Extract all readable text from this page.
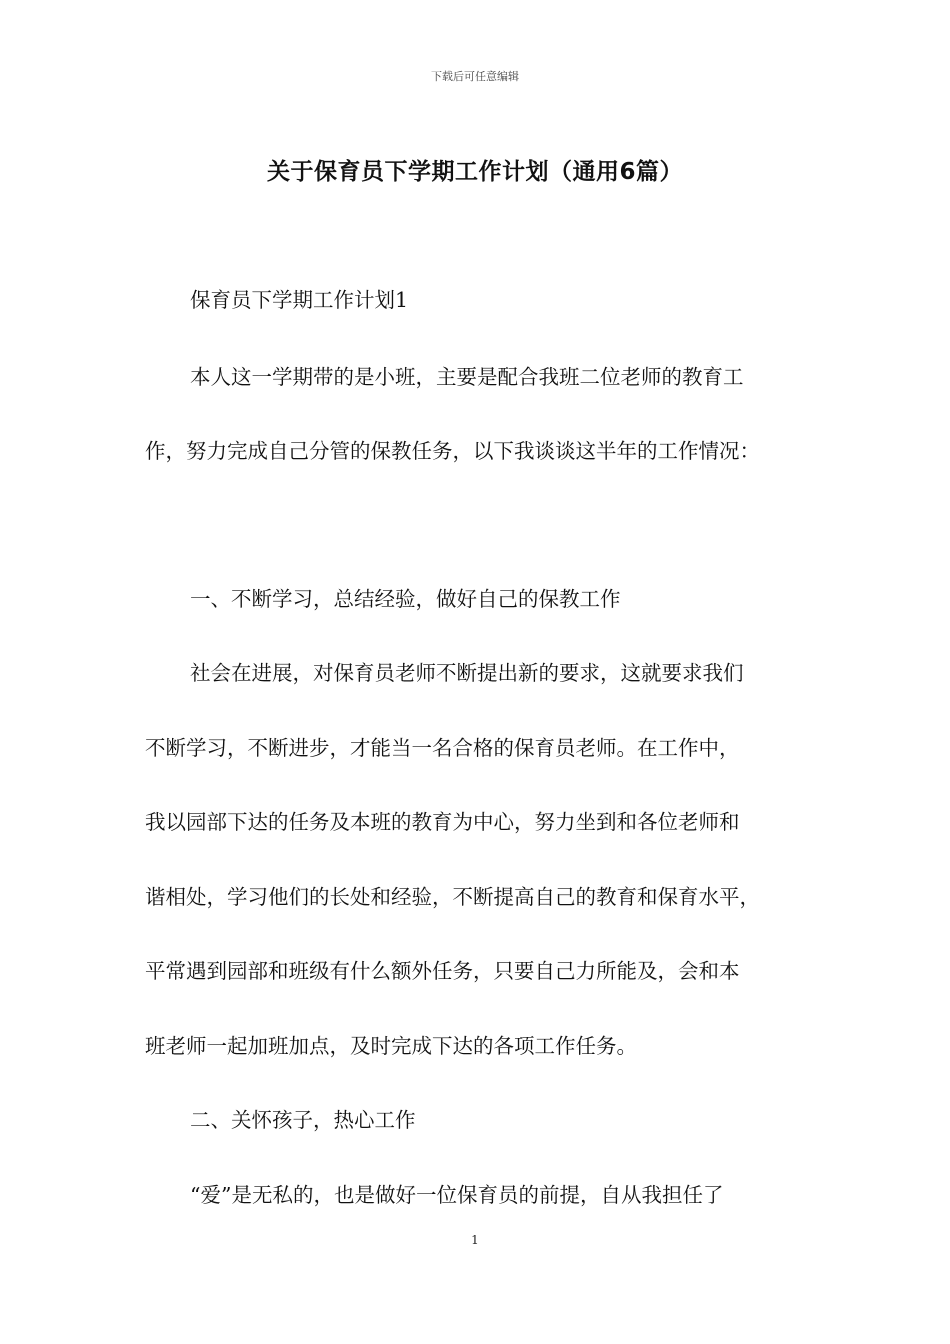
下载后可任意编辑
关于保育员下学期工作计划（通用6篇）
保育员下学期工作计划1
本人这一学期带的是小班，主要是配合我班二位老师的教育工
作，努力完成自己分管的保教任务，以下我谈谈这半年的工作情况：
一、不断学习，总结经验，做好自己的保教工作
社会在进展，对保育员老师不断提出新的要求，这就要求我们
不断学习，不断进步，才能当一名合格的保育员老师。在工作中，
我以园部下达的任务及本班的教育为中心，努力坐到和各位老师和
谐相处，学习他们的长处和经验，不断提高自己的教育和保育水平，
平常遇到园部和班级有什么额外任务，只要自己力所能及，会和本
班老师一起加班加点，及时完成下达的各项工作任务。
二、关怀孩子，热心工作
“爱”是无私的，也是做好一位保育员的前提，自从我担任了
1
